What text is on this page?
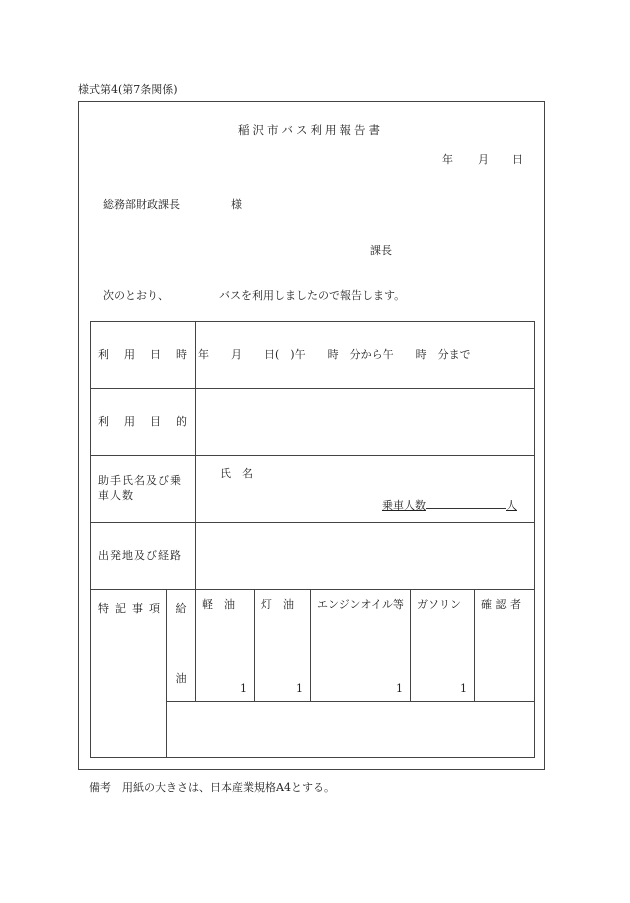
様式第4(第7条関係)
稲沢市バス利用報告書
年 月 日
総務部財政課長	様
課長
次のとおり、	バスを利用しましたので報告します。
利 用 日 時		年　　月　　日(　)午　　時　分から午　　時　分まで				

利 用 目 的						

助手氏名及び乗車人数		氏　名
乗車人数 人				

出発地及び経路						

特 記 事 項	給	軽　油	灯　油	エンジンオイル等	ガソリン	確 認 者
	油	1	1	1	1	

備考　用紙の大きさは、日本産業規格A4とする。
